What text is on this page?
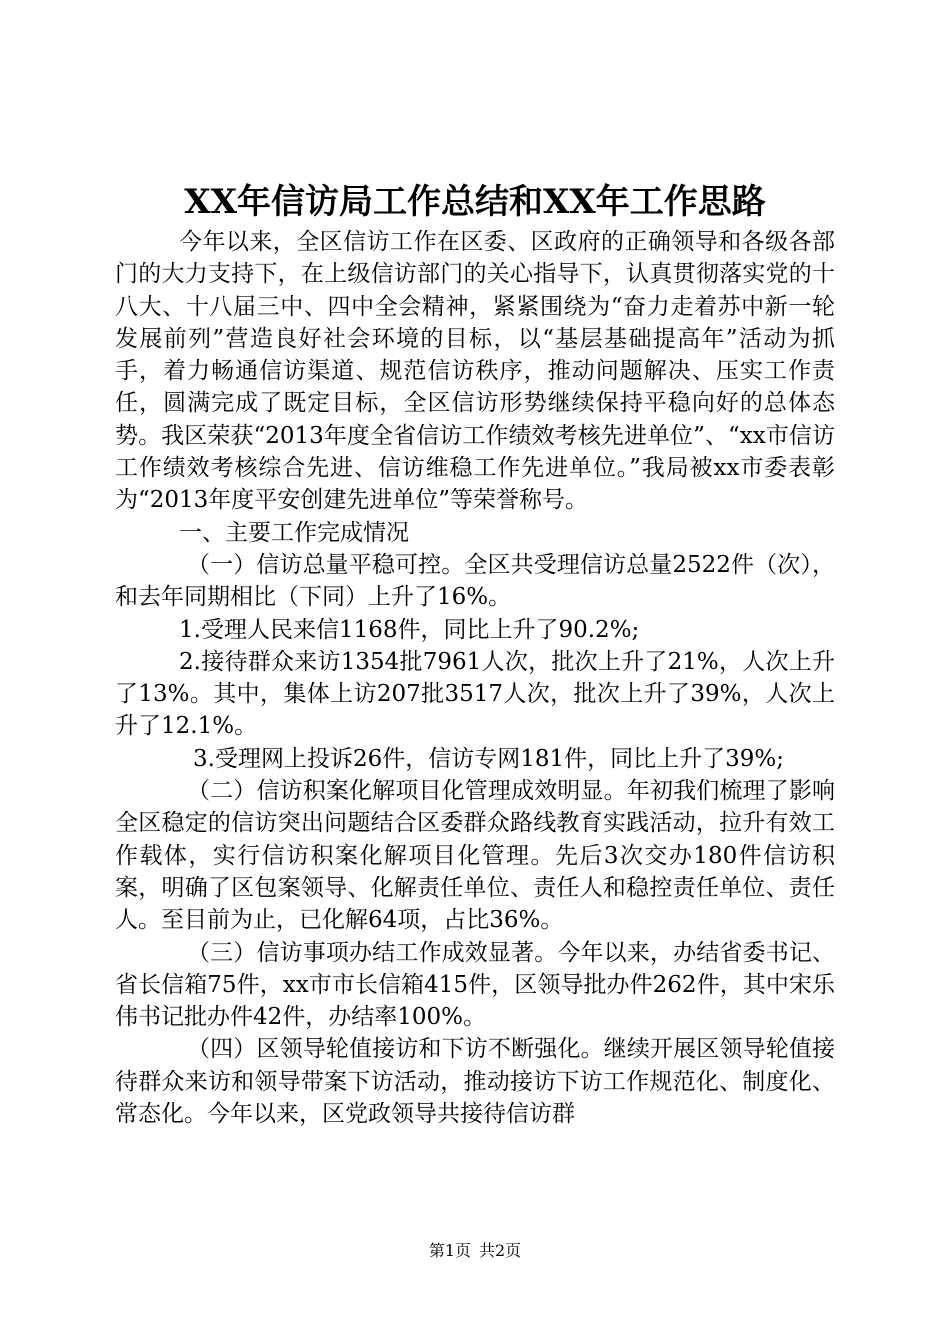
XX年信访局工作总结和XX年工作思路

今年以来，全区信访工作在区委、区政府的正确领导和各级各部门的大力支持下，在上级信访部门的关心指导下，认真贯彻落实党的十八大、十八届三中、四中全会精神，紧紧围绕为“奋力走着苏中新一轮发展前列”营造良好社会环境的目标，以“基层基础提高年”活动为抓手，着力畅通信访渠道、规范信访秩序，推动问题解决、压实工作责任，圆满完成了既定目标，全区信访形势继续保持平稳向好的总体态势。我区荣获“2013年度全省信访工作绩效考核先进单位”、“xx市信访工作绩效考核综合先进、信访维稳工作先进单位。”我局被xx市委表彰为“2013年度平安创建先进单位”等荣誉称号。

一、主要工作完成情况

（一）信访总量平稳可控。全区共受理信访总量2522件（次），和去年同期相比（下同）上升了16%。

1.受理人民来信1168件，同比上升了90.2%;

2.接待群众来访1354批7961人次，批次上升了21%，人次上升了13%。其中，集体上访207批3517人次，批次上升了39%，人次上升了12.1%。

3.受理网上投诉26件，信访专网181件，同比上升了39%;

（二）信访积案化解项目化管理成效明显。年初我们梳理了影响全区稳定的信访突出问题结合区委群众路线教育实践活动，拉升有效工作载体，实行信访积案化解项目化管理。先后3次交办180件信访积案，明确了区包案领导、化解责任单位、责任人和稳控责任单位、责任人。至目前为止，已化解64项，占比36%。

（三）信访事项办结工作成效显著。今年以来，办结省委书记、省长信箱75件，xx市市长信箱415件，区领导批办件262件，其中宋乐伟书记批办件42件，办结率100%。

（四）区领导轮值接访和下访不断强化。继续开展区领导轮值接待群众来访和领导带案下访活动，推动接访下访工作规范化、制度化、常态化。今年以来，区党政领导共接待信访群

第1页 共2页
